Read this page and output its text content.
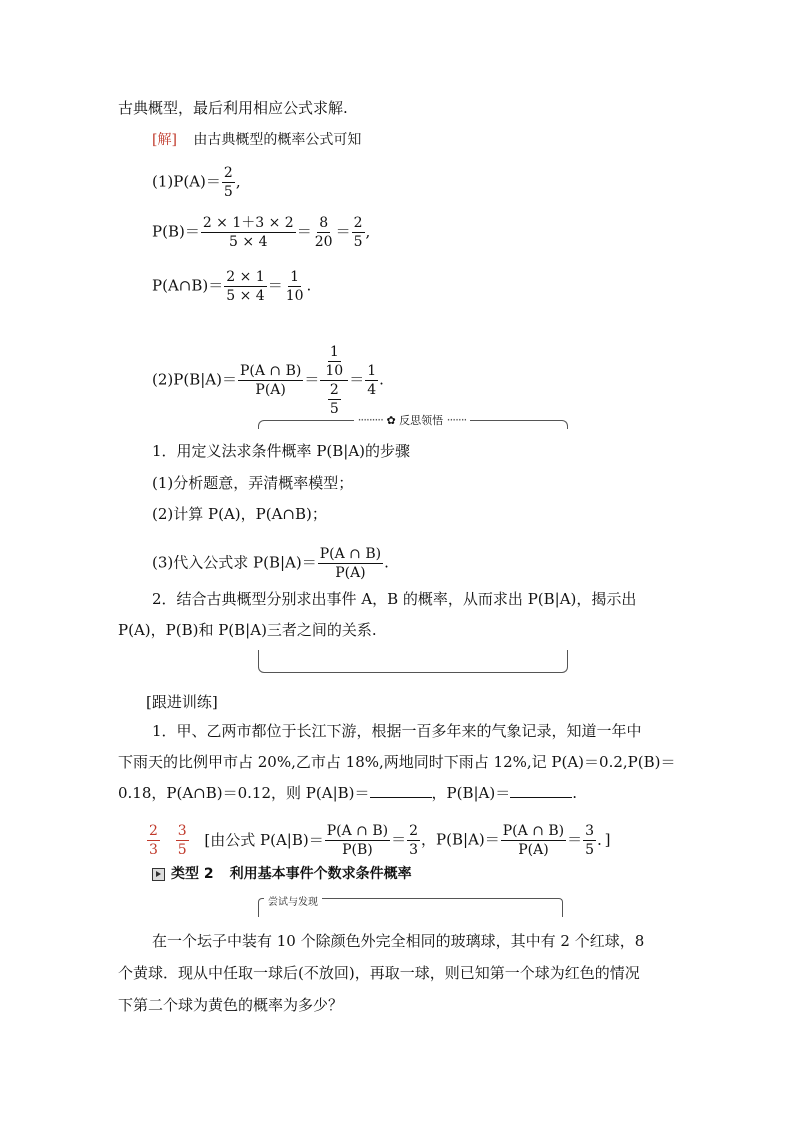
古典概型，最后利用相应公式求解.
[解] 由古典概型的概率公式可知
$(1)P(A)= \frac{2}{5}$ ,
$P(B)= \frac{2 \times 1+3 \times 2}{5 \times 4} = \frac{8}{20} = \frac{2}{5}$ ,
P(A∩B)＝ $\frac{2 \times 1}{5 \times 4} = \frac{1}{10}$ .
$(2)P(B|A)= \frac{P(A \cap B)}{P(A)} = \frac{\frac{1}{10}}{\frac{2}{5}} = \frac{1}{4}$ .
········· ✿ 反思领悟 ·······
1．用定义法求条件概率 P(B|A)的步骤
(1)分析题意，弄清概率模型；
(2)计算 P(A)，P(A∩B)；
(3)代入公式求 $P(B|A)= \frac{P(A \cap B)}{P(A)}$ .
2．结合古典概型分别求出事件 A，B 的概率，从而求出 P(B|A)，揭示出
P(A)，P(B)和 P(B|A)三者之间的关系.
[跟进训练]
1．甲、乙两市都位于长江下游，根据一百多年来的气象记录，知道一年中
下雨天的比例甲市占 20%,乙市占 18%,两地同时下雨占 12%,记 P(A)＝0.2,P(B)＝
0.18，P(A∩B)＝0.12，则 P(A|B)＝	，P(B|A)＝	.
$\frac{2}{3}$
$\frac{3}{5}$ [由公式 $P(A|B)= \frac{P(A \cap B)}{P(B)} = \frac{2}{3}$ ，$P(B|A)= \frac{P(A \cap B)}{P(A)} = \frac{3}{5}$ ．]
类型 2 利用基本事件个数求条件概率
尝试与发现
在一个坛子中装有 10 个除颜色外完全相同的玻璃球，其中有 2 个红球，8
个黄球．现从中任取一球后(不放回)，再取一球，则已知第一个球为红色的情况
下第二个球为黄色的概率为多少？
